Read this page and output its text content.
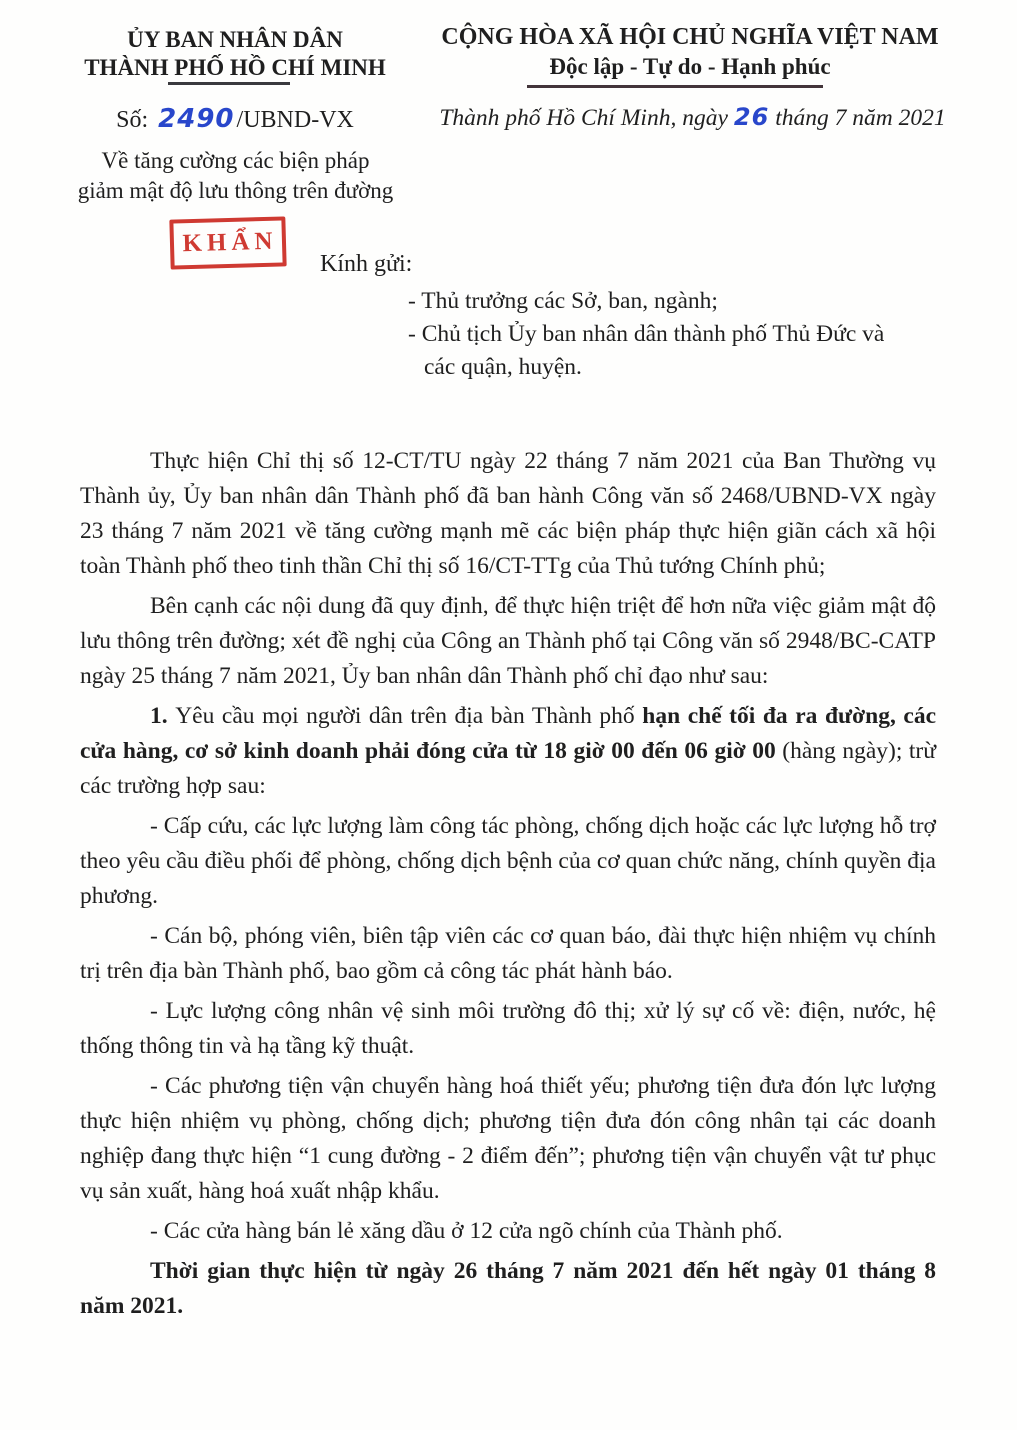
ỦY BAN NHÂN DÂN
THÀNH PHỐ HỒ CHÍ MINH
CỘNG HÒA XÃ HỘI CHỦ NGHĨA VIỆT NAM
Độc lập - Tự do - Hạnh phúc
Số: 2490/UBND-VX	Thành phố Hồ Chí Minh, ngày 26 tháng 7 năm 2021
Về tăng cường các biện pháp
giảm mật độ lưu thông trên đường
KHẨN
Kính gửi:
- Thủ trưởng các Sở, ban, ngành;
- Chủ tịch Ủy ban nhân dân thành phố Thủ Đức và các quận, huyện.

Thực hiện Chỉ thị số 12-CT/TU ngày 22 tháng 7 năm 2021 của Ban Thường vụ Thành ủy, Ủy ban nhân dân Thành phố đã ban hành Công văn số 2468/UBND-VX ngày 23 tháng 7 năm 2021 về tăng cường mạnh mẽ các biện pháp thực hiện giãn cách xã hội toàn Thành phố theo tinh thần Chỉ thị số 16/CT-TTg của Thủ tướng Chính phủ;

Bên cạnh các nội dung đã quy định, để thực hiện triệt để hơn nữa việc giảm mật độ lưu thông trên đường; xét đề nghị của Công an Thành phố tại Công văn số 2948/BC-CATP ngày 25 tháng 7 năm 2021, Ủy ban nhân dân Thành phố chỉ đạo như sau:

1. Yêu cầu mọi người dân trên địa bàn Thành phố hạn chế tối đa ra đường, các cửa hàng, cơ sở kinh doanh phải đóng cửa từ 18 giờ 00 đến 06 giờ 00 (hàng ngày); trừ các trường hợp sau:

- Cấp cứu, các lực lượng làm công tác phòng, chống dịch hoặc các lực lượng hỗ trợ theo yêu cầu điều phối để phòng, chống dịch bệnh của cơ quan chức năng, chính quyền địa phương.

- Cán bộ, phóng viên, biên tập viên các cơ quan báo, đài thực hiện nhiệm vụ chính trị trên địa bàn Thành phố, bao gồm cả công tác phát hành báo.

- Lực lượng công nhân vệ sinh môi trường đô thị; xử lý sự cố về: điện, nước, hệ thống thông tin và hạ tầng kỹ thuật.

- Các phương tiện vận chuyển hàng hoá thiết yếu; phương tiện đưa đón lực lượng thực hiện nhiệm vụ phòng, chống dịch; phương tiện đưa đón công nhân tại các doanh nghiệp đang thực hiện “1 cung đường - 2 điểm đến”; phương tiện vận chuyển vật tư phục vụ sản xuất, hàng hoá xuất nhập khẩu.

- Các cửa hàng bán lẻ xăng dầu ở 12 cửa ngõ chính của Thành phố.

Thời gian thực hiện từ ngày 26 tháng 7 năm 2021 đến hết ngày 01 tháng 8 năm 2021.
